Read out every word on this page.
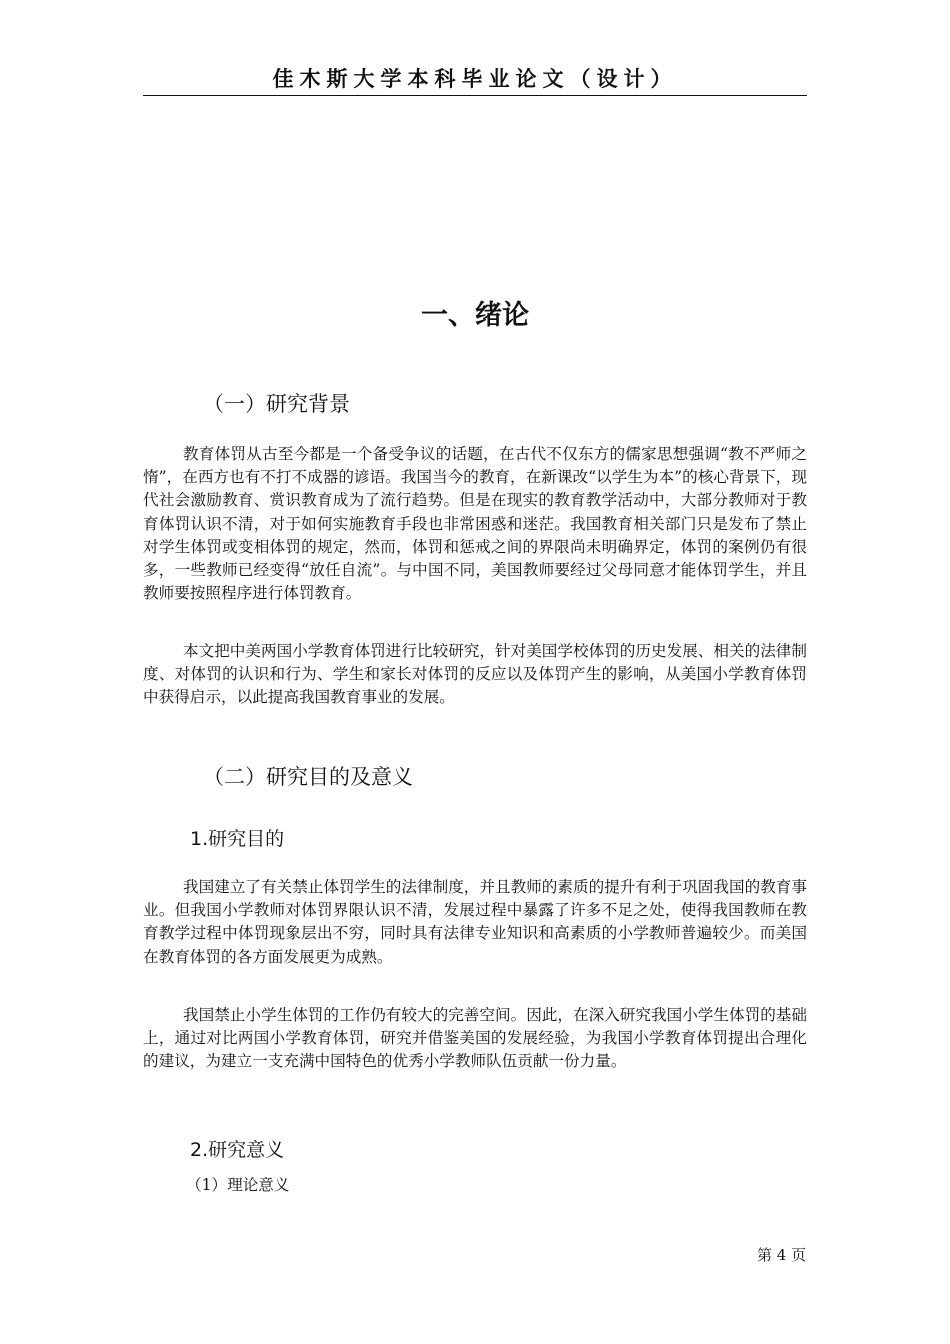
佳木斯大学本科毕业论文（设计）
一、绪论
（一）研究背景

教育体罚从古至今都是一个备受争议的话题，在古代不仅东方的儒家思想强调“教不严师之惰”，在西方也有不打不成器的谚语。我国当今的教育，在新课改“以学生为本”的核心背景下，现代社会激励教育、赏识教育成为了流行趋势。但是在现实的教育教学活动中，大部分教师对于教育体罚认识不清，对于如何实施教育手段也非常困惑和迷茫。我国教育相关部门只是发布了禁止对学生体罚或变相体罚的规定，然而，体罚和惩戒之间的界限尚未明确界定，体罚的案例仍有很多，一些教师已经变得“放任自流”。与中国不同，美国教师要经过父母同意才能体罚学生，并且教师要按照程序进行体罚教育。

本文把中美两国小学教育体罚进行比较研究，针对美国学校体罚的历史发展、相关的法律制度、对体罚的认识和行为、学生和家长对体罚的反应以及体罚产生的影响，从美国小学教育体罚中获得启示，以此提高我国教育事业的发展。

（二）研究目的及意义
1.研究目的

我国建立了有关禁止体罚学生的法律制度，并且教师的素质的提升有利于巩固我国的教育事业。但我国小学教师对体罚界限认识不清，发展过程中暴露了许多不足之处，使得我国教师在教育教学过程中体罚现象层出不穷，同时具有法律专业知识和高素质的小学教师普遍较少。而美国在教育体罚的各方面发展更为成熟。

我国禁止小学生体罚的工作仍有较大的完善空间。因此，在深入研究我国小学生体罚的基础上，通过对比两国小学教育体罚，研究并借鉴美国的发展经验，为我国小学教育体罚提出合理化的建议，为建立一支充满中国特色的优秀小学教师队伍贡献一份力量。

2.研究意义
（1）理论意义
第 4 页
